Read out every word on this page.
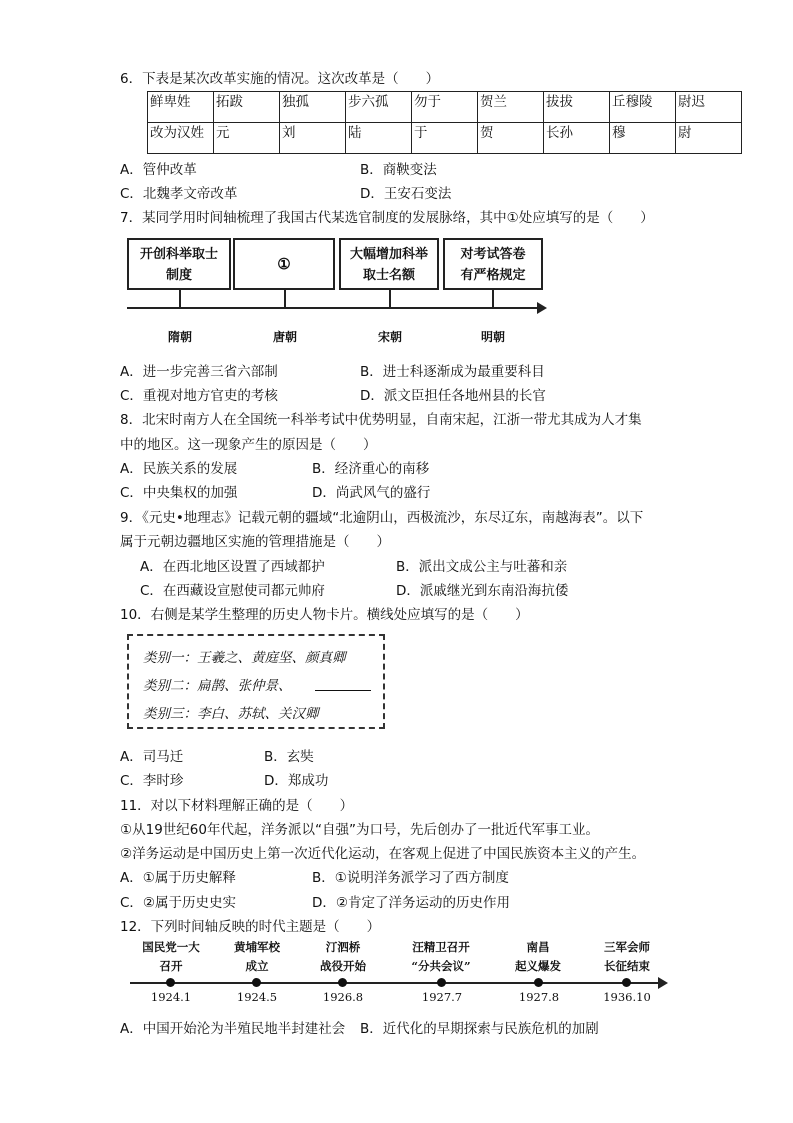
6．下表是某次改革实施的情况。这次改革是（　　）
鲜卑姓	拓跋	独孤	步六孤	勿于	贺兰	拔拔	丘穆陵	尉迟
改为汉姓	元	刘	陆	于	贺	长孙	穆	尉
A．管仲改革	B．商鞅变法
C．北魏孝文帝改革	D．王安石变法
7．某同学用时间轴梳理了我国古代某选官制度的发展脉络，其中①处应填写的是（　　）
开创科举取士
制度
①
大幅增加科举
取士名额
对考试答卷
有严格规定
隋朝	唐朝	宋朝	明朝
A．进一步完善三省六部制	B．进士科逐渐成为最重要科目
C．重视对地方官吏的考核	D．派文臣担任各地州县的长官
8．北宋时南方人在全国统一科举考试中优势明显，自南宋起，江浙一带尤其成为人才集
中的地区。这一现象产生的原因是（　　）
A．民族关系的发展	B．经济重心的南移
C．中央集权的加强	D．尚武风气的盛行
9．《元史•地理志》记载元朝的疆域“北逾阴山，西极流沙，东尽辽东，南越海表”。以下
属于元朝边疆地区实施的管理措施是（　　）
A．在西北地区设置了西域都护	B．派出文成公主与吐蕃和亲
C．在西藏设宣慰使司都元帅府	D．派戚继光到东南沿海抗倭
10．右侧是某学生整理的历史人物卡片。横线处应填写的是（　　）
类别一：王羲之、黄庭坚、颜真卿
类别二：扁鹊、张仲景、
类别三：李白、苏轼、关汉卿
A．司马迁	B．玄奘
C．李时珍	D．郑成功
11．对以下材料理解正确的是（　　）
①从19世纪60年代起，洋务派以“自强”为口号，先后创办了一批近代军事工业。
②洋务运动是中国历史上第一次近代化运动，在客观上促进了中国民族资本主义的产生。
A．①属于历史解释	B．①说明洋务派学习了西方制度
C．②属于历史史实	D．②肯定了洋务运动的历史作用
12．下列时间轴反映的时代主题是（　　）
国民党一大
召开
黄埔军校
成立
汀泗桥
战役开始
汪精卫召开
“分共会议”
南昌
起义爆发
三军会师
长征结束
1924.1	1924.5	1926.8	1927.7	1927.8	1936.10
A．中国开始沦为半殖民地半封建社会 B．近代化的早期探索与民族危机的加剧
